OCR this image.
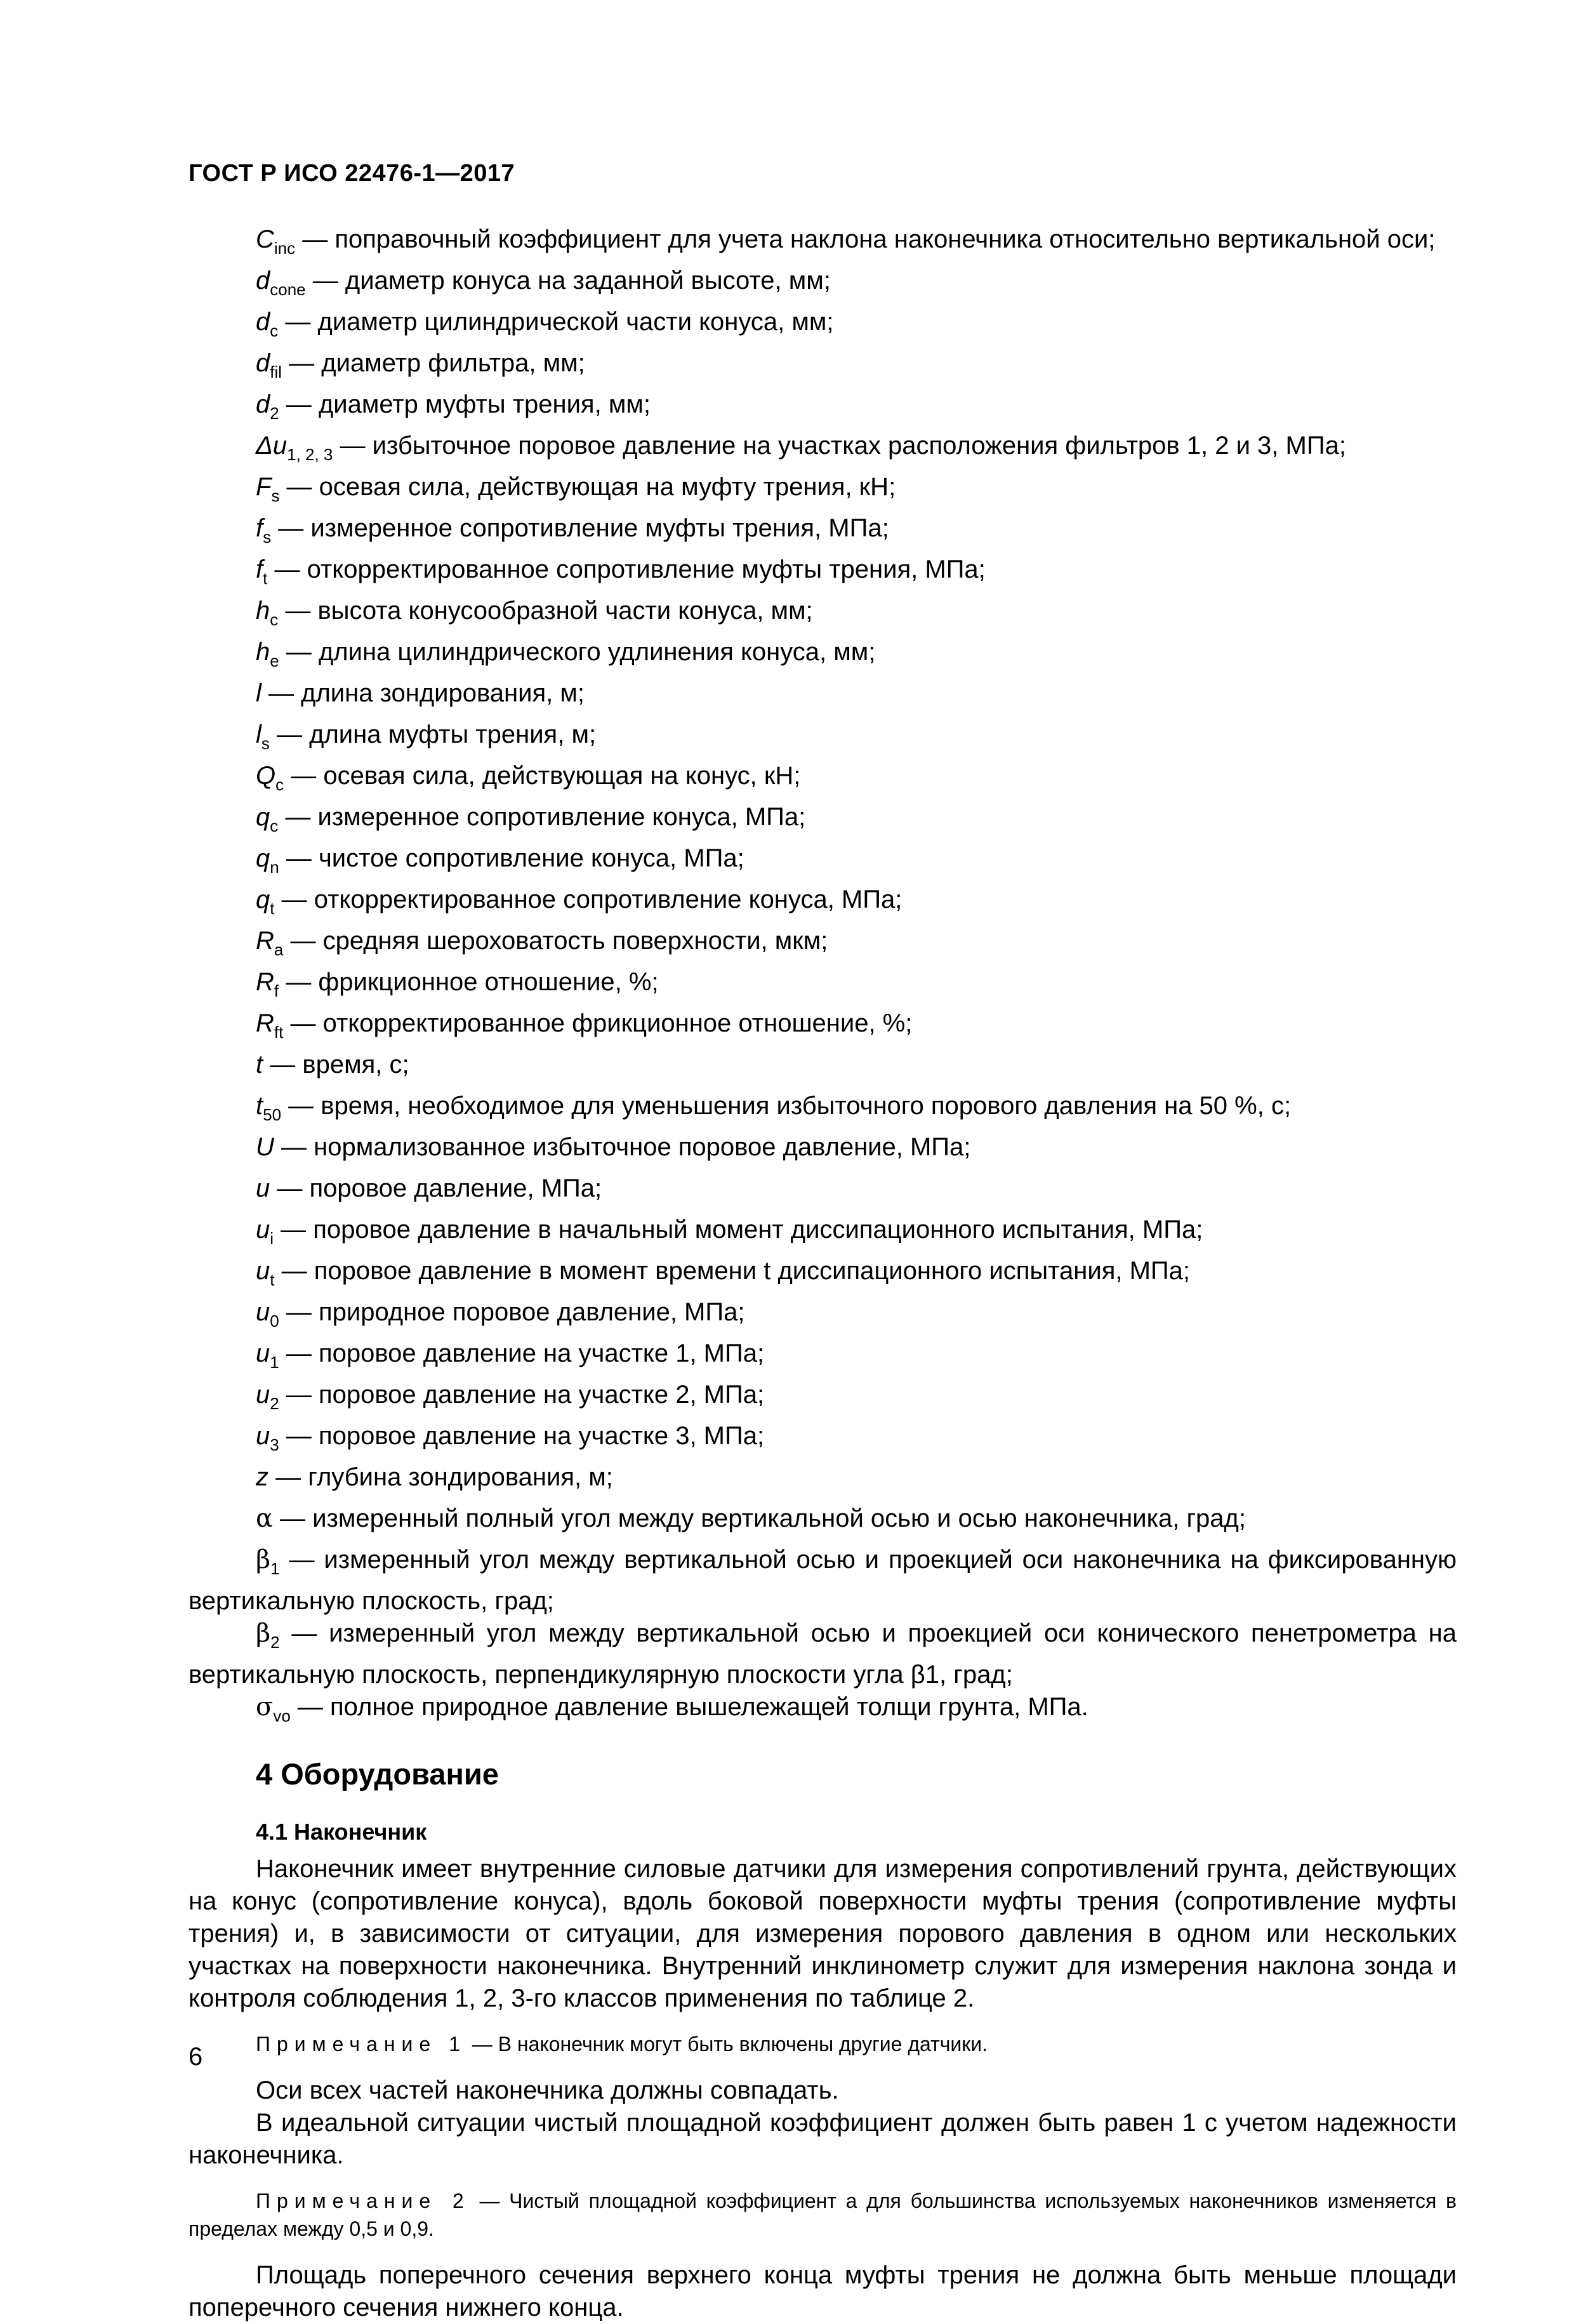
ГОСТ Р ИСО 22476-1—2017
$C_{inc}$ — поправочный коэффициент для учета наклона наконечника относительно вертикальной оси;
$d_{cone}$ — диаметр конуса на заданной высоте, мм;
$d_c$ — диаметр цилиндрической части конуса, мм;
$d_{fil}$ — диаметр фильтра, мм;
$d_2$ — диаметр муфты трения, мм;
$\Delta u_{1, 2, 3}$ — избыточное поровое давление на участках расположения фильтров 1, 2 и 3, МПа;
$F_s$ — осевая сила, действующая на муфту трения, кН;
$f_s$ — измеренное сопротивление муфты трения, МПа;
$f_t$ — откорректированное сопротивление муфты трения, МПа;
$h_c$ — высота конусообразной части конуса, мм;
$h_e$ — длина цилиндрического удлинения конуса, мм;
l — длина зондирования, м;
$l_s$ — длина муфты трения, м;
$Q_c$ — осевая сила, действующая на конус, кН;
$q_c$ — измеренное сопротивление конуса, МПа;
$q_n$ — чистое сопротивление конуса, МПа;
$q_t$ — откорректированное сопротивление конуса, МПа;
$R_a$ — средняя шероховатость поверхности, мкм;
$R_f$ — фрикционное отношение, %;
$R_{ft}$ — откорректированное фрикционное отношение, %;
t — время, с;
$t_{50}$ — время, необходимое для уменьшения избыточного порового давления на 50 %, с;
U — нормализованное избыточное поровое давление, МПа;
u — поровое давление, МПа;
$u_i$ — поровое давление в начальный момент диссипационного испытания, МПа;
$u_t$ — поровое давление в момент времени t диссипационного испытания, МПа;
$u_0$ — природное поровое давление, МПа;
$u_1$ — поровое давление на участке 1, МПа;
$u_2$ — поровое давление на участке 2, МПа;
$u_3$ — поровое давление на участке 3, МПа;
z — глубина зондирования, м;
α — измеренный полный угол между вертикальной осью и осью наконечника, град;
$\beta_1$ — измеренный угол между вертикальной осью и проекцией оси наконечника на фиксированную вертикальную плоскость, град;
$\beta_2$ — измеренный угол между вертикальной осью и проекцией оси конического пенетрометра на вертикальную плоскость, перпендикулярную плоскости угла β1, град;
$\sigma_{vo}$ — полное природное давление вышележащей толщи грунта, МПа.
4 Оборудование
4.1 Наконечник

Наконечник имеет внутренние силовые датчики для измерения сопротивлений грунта, действующих на конус (сопротивление конуса), вдоль боковой поверхности муфты трения (сопротивление муфты трения) и, в зависимости от ситуации, для измерения порового давления в одном или нескольких участках на поверхности наконечника. Внутренний инклинометр служит для измерения наклона зонда и контроля соблюдения 1, 2, 3-го классов применения по таблице 2.

Примечание 1 — В наконечник могут быть включены другие датчики.

Оси всех частей наконечника должны совпадать.

В идеальной ситуации чистый площадной коэффициент должен быть равен 1 с учетом надежности наконечника.

Примечание 2 — Чистый площадной коэффициент a для большинства используемых наконечников изменяется в пределах между 0,5 и 0,9.

Площадь поперечного сечения верхнего конца муфты трения не должна быть меньше площади поперечного сечения нижнего конца.

6
